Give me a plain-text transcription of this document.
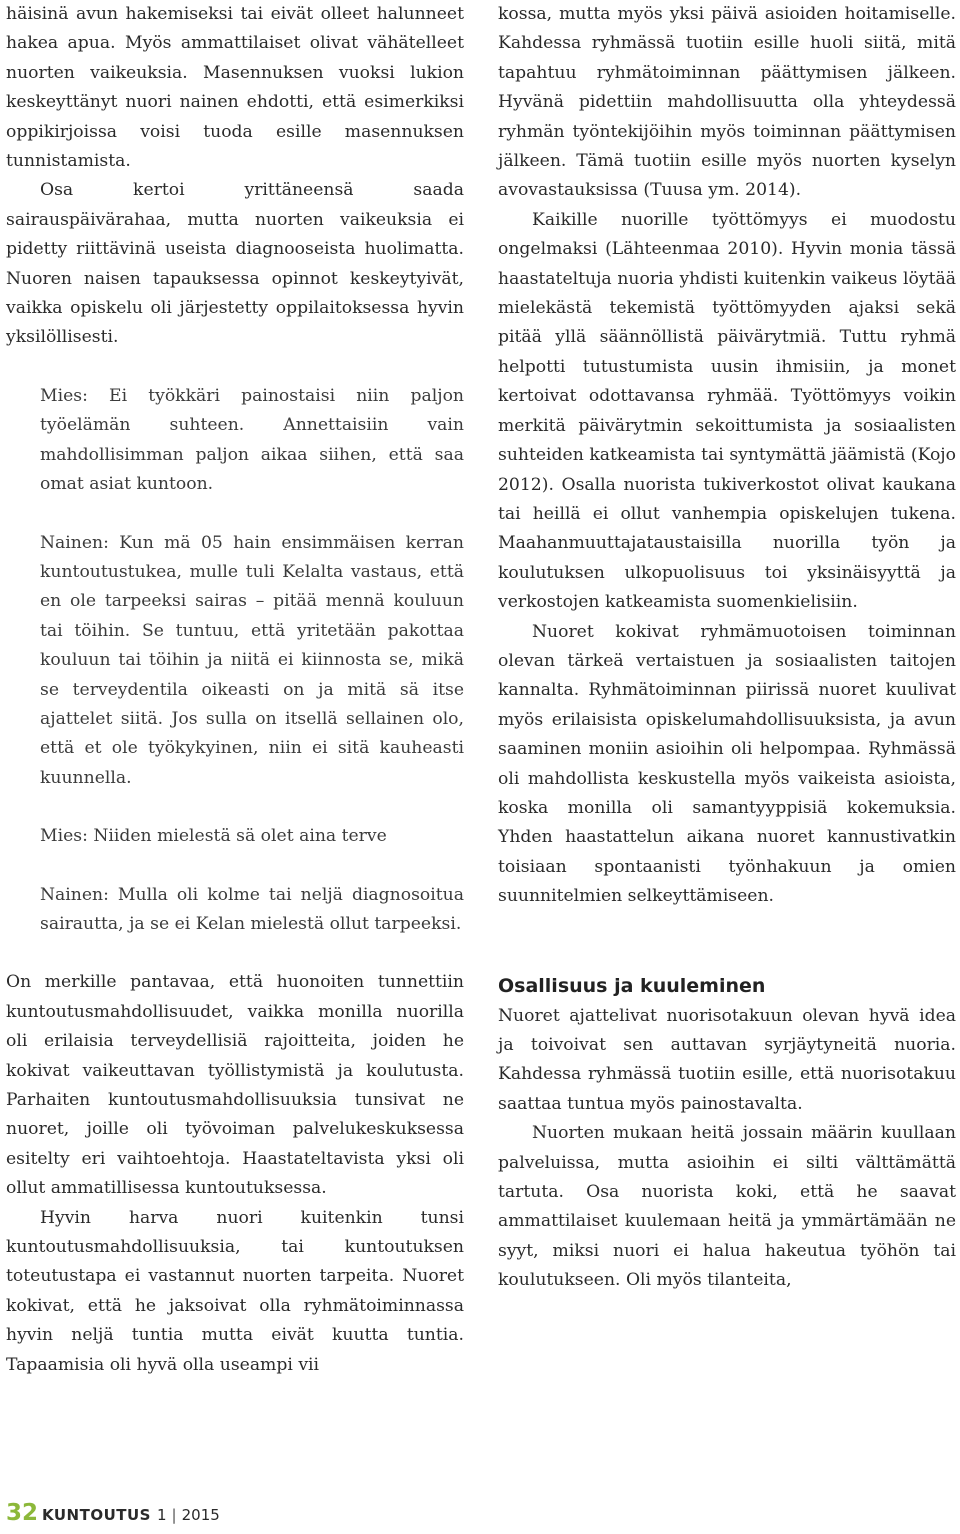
häisinä avun hakemiseksi tai eivät olleet halunneet hakea apua. Myös ammattilaiset olivat vähätelleet nuorten vaikeuksia. Masennuksen vuoksi lukion keskeyttänyt nuori nainen ehdotti, että esimerkiksi oppikirjoissa voisi tuoda esille masennuksen tunnistamista.

Osa kertoi yrittäneensä saada sairauspäivärahaa, mutta nuorten vaikeuksia ei pidetty riittävinä useista diagnooseista huolimatta. Nuoren naisen tapauksessa opinnot keskeytyivät, vaikka opiskelu oli järjestetty oppilaitoksessa hyvin yksilöllisesti.

Mies: Ei työkkäri painostaisi niin paljon työelämän suhteen. Annettaisiin vain mahdollisimman paljon aikaa siihen, että saa omat asiat kuntoon.

Nainen: Kun mä 05 hain ensimmäisen kerran kuntoutustukea, mulle tuli Kelalta vastaus, että en ole tarpeeksi sairas – pitää mennä kouluun tai töihin. Se tuntuu, että yritetään pakottaa kouluun tai töihin ja niitä ei kiinnosta se, mikä se terveydentila oikeasti on ja mitä sä itse ajattelet siitä. Jos sulla on itsellä sellainen olo, että et ole työkykyinen, niin ei sitä kauheasti kuunnella.

Mies: Niiden mielestä sä olet aina terve

Nainen: Mulla oli kolme tai neljä diagnosoitua sairautta, ja se ei Kelan mielestä ollut tarpeeksi.

On merkille pantavaa, että huonoiten tunnettiin kuntoutusmahdollisuudet, vaikka monilla nuorilla oli erilaisia terveydellisiä rajoitteita, joiden he kokivat vaikeuttavan työllistymistä ja koulutusta. Parhaiten kuntoutusmahdollisuuksia tunsivat ne nuoret, joille oli työvoiman palvelukeskuksessa esitelty eri vaihtoehtoja. Haastateltavista yksi oli ollut ammatillisessa kuntoutuksessa.

Hyvin harva nuori kuitenkin tunsi kuntoutusmahdollisuuksia, tai kuntoutuksen toteutustapa ei vastannut nuorten tarpeita. Nuoret kokivat, että he jaksoivat olla ryhmätoiminnassa hyvin neljä tuntia mutta eivät kuutta tuntia. Tapaamisia oli hyvä olla useampi vii

kossa, mutta myös yksi päivä asioiden hoitamiselle. Kahdessa ryhmässä tuotiin esille huoli siitä, mitä tapahtuu ryhmätoiminnan päättymisen jälkeen. Hyvänä pidettiin mahdollisuutta olla yhteydessä ryhmän työntekijöihin myös toiminnan päättymisen jälkeen. Tämä tuotiin esille myös nuorten kyselyn avovastauksissa (Tuusa ym. 2014).

Kaikille nuorille työttömyys ei muodostu ongelmaksi (Lähteenmaa 2010). Hyvin monia tässä haastateltuja nuoria yhdisti kuitenkin vaikeus löytää mielekästä tekemistä työttömyyden ajaksi sekä pitää yllä säännöllistä päivärytmiä. Tuttu ryhmä helpotti tutustumista uusin ihmisiin, ja monet kertoivat odottavansa ryhmää. Työttömyys voikin merkitä päivärytmin sekoittumista ja sosiaalisten suhteiden katkeamista tai syntymättä jäämistä (Kojo 2012). Osalla nuorista tukiverkostot olivat kaukana tai heillä ei ollut vanhempia opiskelujen tukena. Maahanmuuttajataustaisilla nuorilla työn ja koulutuksen ulkopuolisuus toi yksinäisyyttä ja verkostojen katkeamista suomenkielisiin.

Nuoret kokivat ryhmämuotoisen toiminnan olevan tärkeä vertaistuen ja sosiaalisten taitojen kannalta. Ryhmätoiminnan piirissä nuoret kuulivat myös erilaisista opiskelumahdollisuuksista, ja avun saaminen moniin asioihin oli helpompaa. Ryhmässä oli mahdollista keskustella myös vaikeista asioista, koska monilla oli samantyyppisiä kokemuksia. Yhden haastattelun aikana nuoret kannustivatkin toisiaan spontaanisti työnhakuun ja omien suunnitelmien selkeyttämiseen.

Osallisuus ja kuuleminen

Nuoret ajattelivat nuorisotakuun olevan hyvä idea ja toivoivat sen auttavan syrjäytyneitä nuoria. Kahdessa ryhmässä tuotiin esille, että nuorisotakuu saattaa tuntua myös painostavalta.

Nuorten mukaan heitä jossain määrin kuullaan palveluissa, mutta asioihin ei silti välttämättä tartuta. Osa nuorista koki, että he saavat ammattilaiset kuulemaan heitä ja ymmärtämään ne syyt, miksi nuori ei halua hakeutua työhön tai koulutukseen. Oli myös tilanteita,

32 KUNTOUTUS 1 | 2015
